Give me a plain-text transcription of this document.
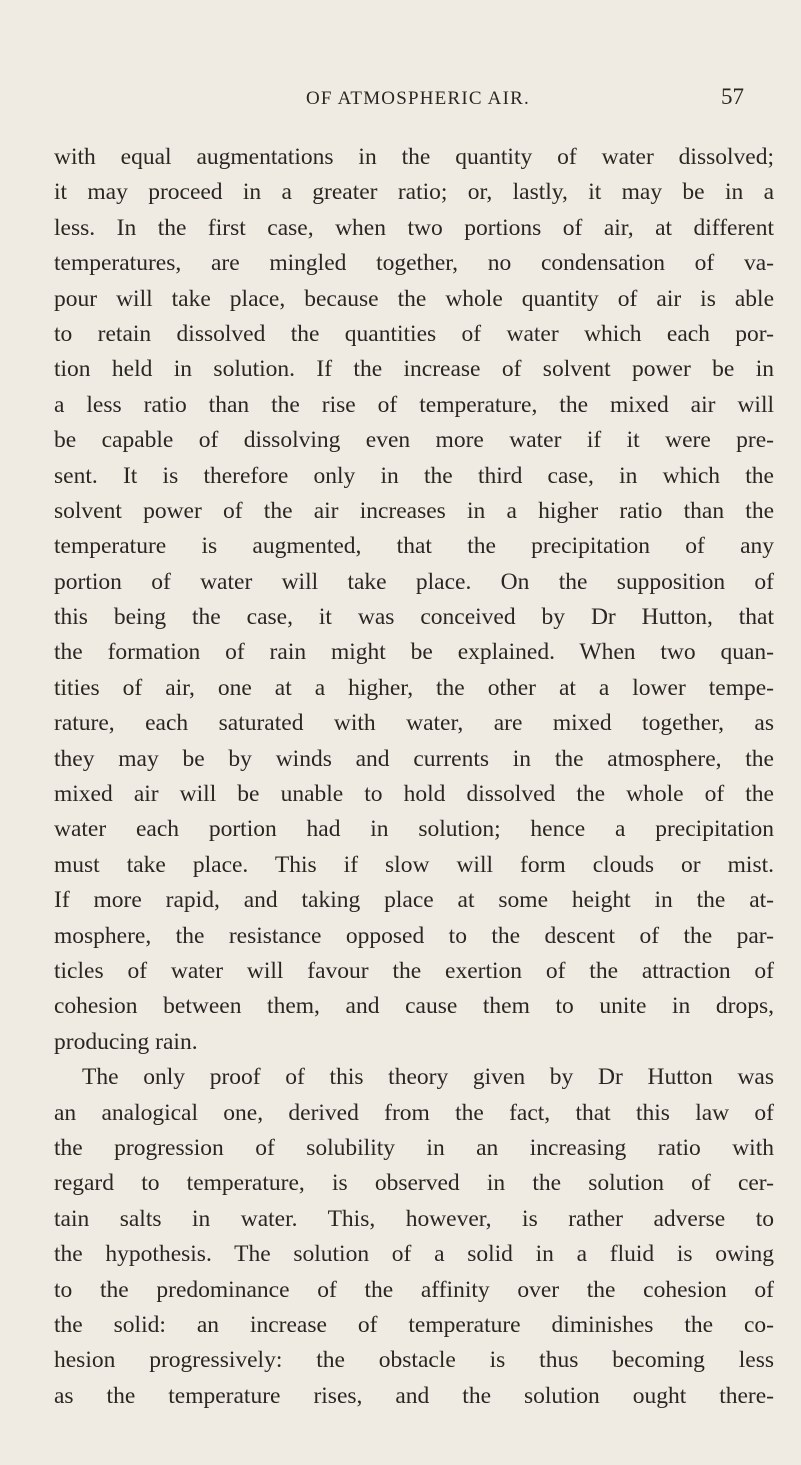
OF ATMOSPHERIC AIR.	57
with equal augmentations in the quantity of water dissolved;
it may proceed in a greater ratio; or, lastly, it may be in a
less. In the first case, when two portions of air, at different
temperatures, are mingled together, no condensation of va-
pour will take place, because the whole quantity of air is able
to retain dissolved the quantities of water which each por-
tion held in solution. If the increase of solvent power be in
a less ratio than the rise of temperature, the mixed air will
be capable of dissolving even more water if it were pre-
sent. It is therefore only in the third case, in which the
solvent power of the air increases in a higher ratio than the
temperature is augmented, that the precipitation of any
portion of water will take place. On the supposition of
this being the case, it was conceived by Dr Hutton, that
the formation of rain might be explained. When two quan-
tities of air, one at a higher, the other at a lower tempe-
rature, each saturated with water, are mixed together, as
they may be by winds and currents in the atmosphere, the
mixed air will be unable to hold dissolved the whole of the
water each portion had in solution; hence a precipitation
must take place. This if slow will form clouds or mist.
If more rapid, and taking place at some height in the at-
mosphere, the resistance opposed to the descent of the par-
ticles of water will favour the exertion of the attraction of
cohesion between them, and cause them to unite in drops,
producing rain.
The only proof of this theory given by Dr Hutton was
an analogical one, derived from the fact, that this law of
the progression of solubility in an increasing ratio with
regard to temperature, is observed in the solution of cer-
tain salts in water. This, however, is rather adverse to
the hypothesis. The solution of a solid in a fluid is owing
to the predominance of the affinity over the cohesion of
the solid: an increase of temperature diminishes the co-
hesion progressively: the obstacle is thus becoming less
as the temperature rises, and the solution ought there-
